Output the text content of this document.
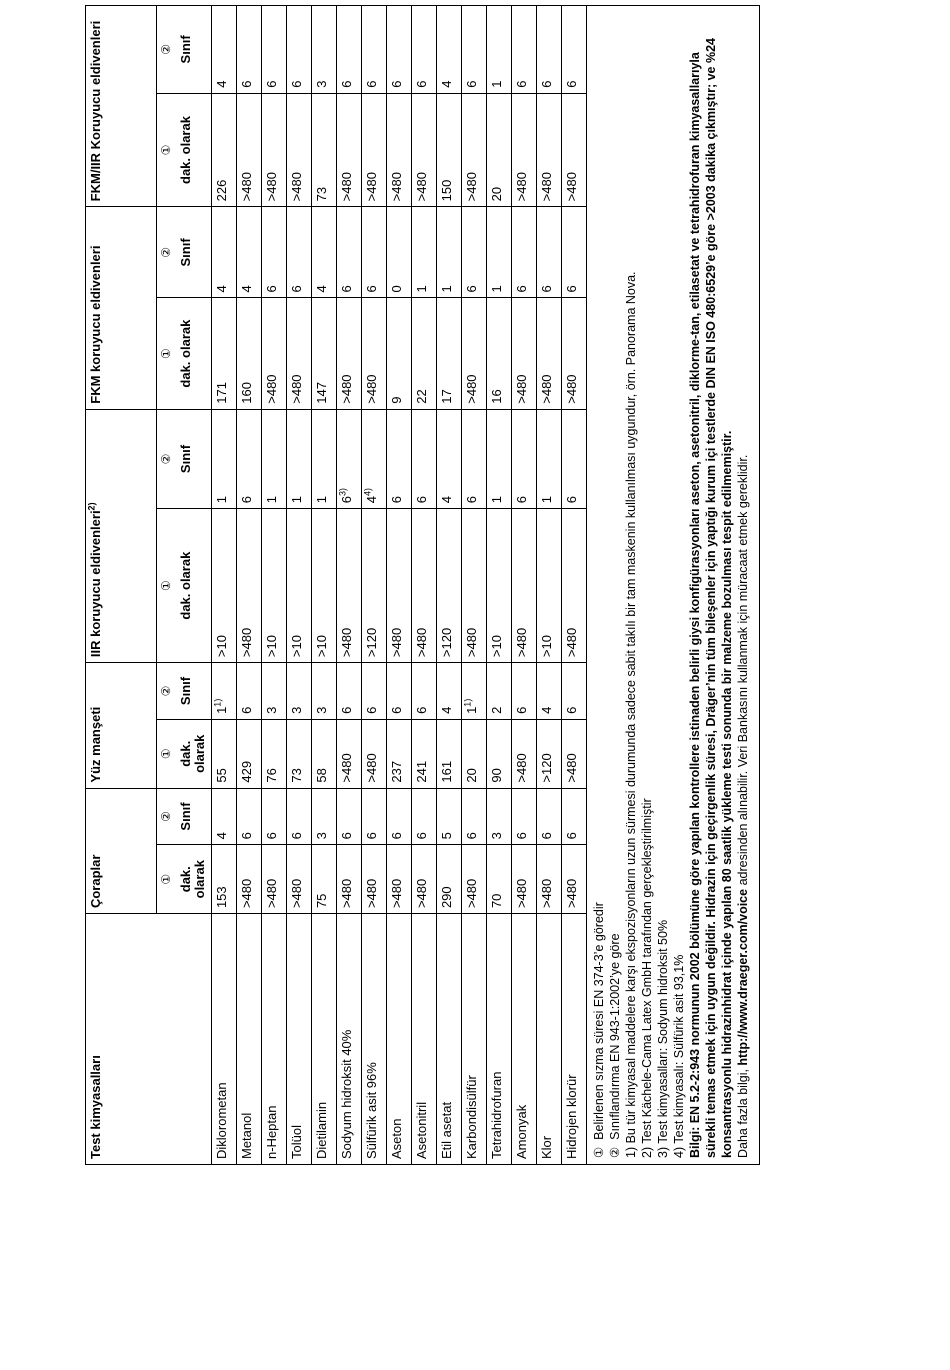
Test kimyasalları	Çoraplar		Yüz manşeti		IIR koruyucu eldivenleri$^{2)}$		FKM koruyucu eldivenleri		FKM/IIR Koruyucu eldivenleri	

	① dak. olarak	② Sınıf	① dak. olarak	② Sınıf	① dak. olarak	② Sınıf	① dak. olarak	② Sınıf	① dak. olarak	② Sınıf

Diklorometan	153	4	55	$1^{1)}$	>10	1	171	4	226	4
Metanol	>480	6	429	6	>480	6	160	4	>480	6
n-Heptan	>480	6	76	3	>10	1	>480	6	>480	6
Tolüol	>480	6	73	3	>10	1	>480	6	>480	6
Dietilamin	75	3	58	3	>10	1	147	4	73	3
Sodyum hidroksit 40%	>480	6	>480	6	>480	$6^{3)}$	>480	6	>480	6
Sülfürik asit 96%	>480	6	>480	6	>120	$4^{4)}$	>480	6	>480	6
Aseton	>480	6	237	6	>480	6	9	0	>480	6
Asetonitril	>480	6	241	6	>480	6	22	1	>480	6
Etil asetat	290	5	161	4	>120	4	17	1	150	4
Karbondisülfür	>480	6	20	$1^{1)}$	>480	6	>480	6	>480	6
Tetrahidrofuran	70	3	90	2	>10	1	16	1	20	1
Amonyak	>480	6	>480	6	>480	6	>480	6	>480	6
Klor	>480	6	>120	4	>10	1	>480	6	>480	6
Hidrojen klorür	>480	6	>480	6	>480	6	>480	6	>480	6
①  Belirlenen sızma süresi EN 374-3’e göredir
②  Sınıflandırma EN 943-1:2002’ye göre 1) Bu tür kimyasal maddelere karşı ekspozisyonların uzun sürmesi durumunda sadece sabit takılı bir tam maskenin kullanılması uygundur, örn. Panorama Nova. 2) Test Kächele-Cama Latex GmbH tarafından gerçekleştirilmiştir 3) Test kimyasalları: Sodyum hidroksit 50% 4) Test kimyasalı: Sülfürik asit 93,1% Bilgi: EN 5.2-2:943 normunun 2002 bölümüne göre yapılan kontrollere istinaden belirli giysi konfigürasyonları aseton, asetonitril, diklorme-tan, etilasetat ve tetrahidrofuran kimyasallarıyla sürekli temas etmek için uygun değildir. Hidrazin için geçirgenlik süresi, Dräger’nin tüm bileşenler için yaptığı kurum içi testlerde DIN EN ISO 480:6529’e göre >2003 dakika çıkmıştır; ve %24 konsantrasyonlu hidrazinhidrat içinde yapılan 80 saatlik yükleme testi sonunda bir malzeme bozulması tespit edilmemiştir. Daha fazla bilgi, http://www.draeger.com/voice adresinden alınabilir. Veri Bankasını kullanmak için müracaat etmek gereklidir.
